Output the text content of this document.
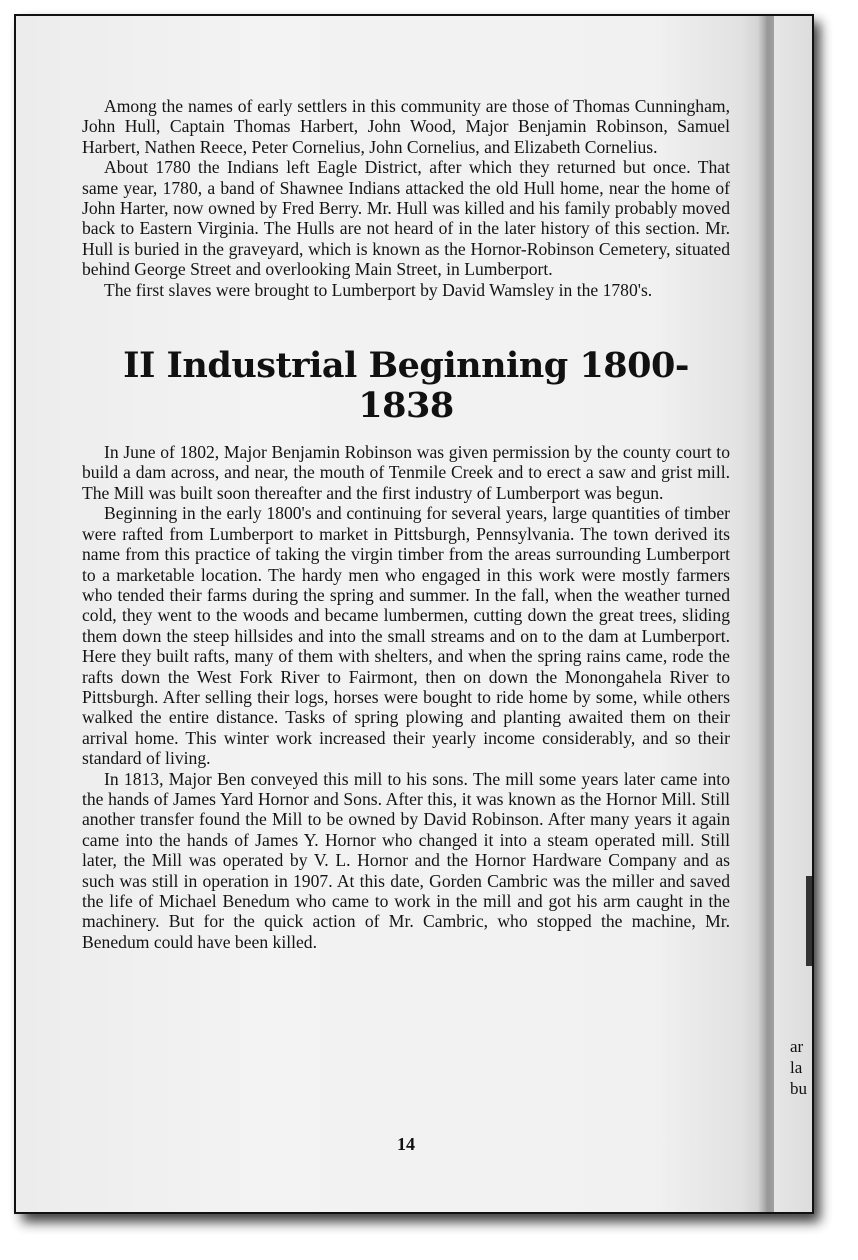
ar
la
bu

Among the names of early settlers in this community are those of Thomas Cunningham, John Hull, Captain Thomas Harbert, John Wood, Major Benjamin Robinson, Samuel Harbert, Nathen Reece, Peter Cornelius, John Cornelius, and Elizabeth Cornelius.

About 1780 the Indians left Eagle District, after which they returned but once. That same year, 1780, a band of Shawnee Indians attacked the old Hull home, near the home of John Harter, now owned by Fred Berry. Mr. Hull was killed and his family probably moved back to Eastern Virginia. The Hulls are not heard of in the later history of this section. Mr. Hull is buried in the graveyard, which is known as the Hornor-Robinson Cemetery, situated behind George Street and overlooking Main Street, in Lumberport.

The first slaves were brought to Lumberport by David Wamsley in the 1780's.

II Industrial Beginning 1800-1838

In June of 1802, Major Benjamin Robinson was given permission by the county court to build a dam across, and near, the mouth of Tenmile Creek and to erect a saw and grist mill. The Mill was built soon thereafter and the first industry of Lumberport was begun.

Beginning in the early 1800's and continuing for several years, large quantities of timber were rafted from Lumberport to market in Pittsburgh, Pennsylvania. The town derived its name from this practice of taking the virgin timber from the areas surrounding Lumberport to a marketable location. The hardy men who engaged in this work were mostly farmers who tended their farms during the spring and summer. In the fall, when the weather turned cold, they went to the woods and became lumbermen, cutting down the great trees, sliding them down the steep hillsides and into the small streams and on to the dam at Lumberport. Here they built rafts, many of them with shelters, and when the spring rains came, rode the rafts down the West Fork River to Fairmont, then on down the Monongahela River to Pittsburgh. After selling their logs, horses were bought to ride home by some, while others walked the entire distance. Tasks of spring plowing and planting awaited them on their arrival home. This winter work increased their yearly income considerably, and so their standard of living.

In 1813, Major Ben conveyed this mill to his sons. The mill some years later came into the hands of James Yard Hornor and Sons. After this, it was known as the Hornor Mill. Still another transfer found the Mill to be owned by David Robinson. After many years it again came into the hands of James Y. Hornor who changed it into a steam operated mill. Still later, the Mill was operated by V. L. Hornor and the Hornor Hardware Company and as such was still in operation in 1907. At this date, Gorden Cambric was the miller and saved the life of Michael Benedum who came to work in the mill and got his arm caught in the machinery. But for the quick action of Mr. Cambric, who stopped the machine, Mr. Benedum could have been killed.

14
